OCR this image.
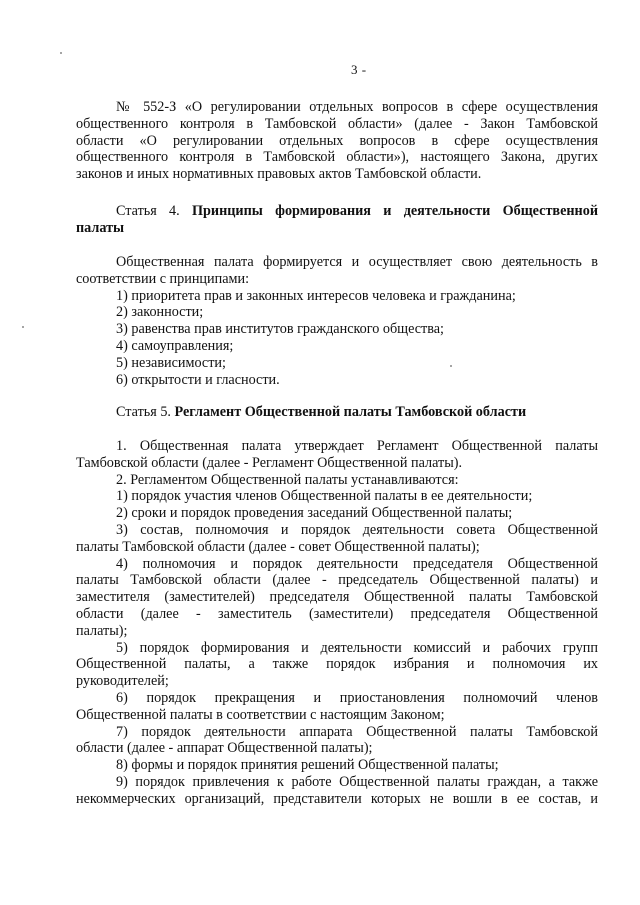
3 -
№ 552-З «О регулировании отдельных вопросов в сфере осуществления
общественного контроля в Тамбовской области» (далее - Закон Тамбовской
области «О регулировании отдельных вопросов в сфере осуществления
общественного контроля в Тамбовской области»), настоящего Закона, других
законов и иных нормативных правовых актов Тамбовской области.
Статья 4. Принципы формирования и деятельности Общественной
палаты
Общественная палата формируется и осуществляет свою деятельность в
соответствии с принципами:
1) приоритета прав и законных интересов человека и гражданина;
2) законности;
3) равенства прав институтов гражданского общества;
4) самоуправления;
5) независимости;
6) открытости и гласности.
Статья 5. Регламент Общественной палаты Тамбовской области
1. Общественная палата утверждает Регламент Общественной палаты
Тамбовской области (далее - Регламент Общественной палаты).
2. Регламентом Общественной палаты устанавливаются:
1) порядок участия членов Общественной палаты в ее деятельности;
2) сроки и порядок проведения заседаний Общественной палаты;
3) состав, полномочия и порядок деятельности совета Общественной
палаты Тамбовской области (далее - совет Общественной палаты);
4) полномочия и порядок деятельности председателя Общественной
палаты Тамбовской области (далее - председатель Общественной палаты) и
заместителя (заместителей) председателя Общественной палаты Тамбовской
области (далее - заместитель (заместители) председателя Общественной
палаты);
5) порядок формирования и деятельности комиссий и рабочих групп
Общественной палаты, а также порядок избрания и полномочия их
руководителей;
6) порядок прекращения и приостановления полномочий членов
Общественной палаты в соответствии с настоящим Законом;
7) порядок деятельности аппарата Общественной палаты Тамбовской
области (далее - аппарат Общественной палаты);
8) формы и порядок принятия решений Общественной палаты;
9) порядок привлечения к работе Общественной палаты граждан, а также
некоммерческих организаций, представители которых не вошли в ее состав, и
